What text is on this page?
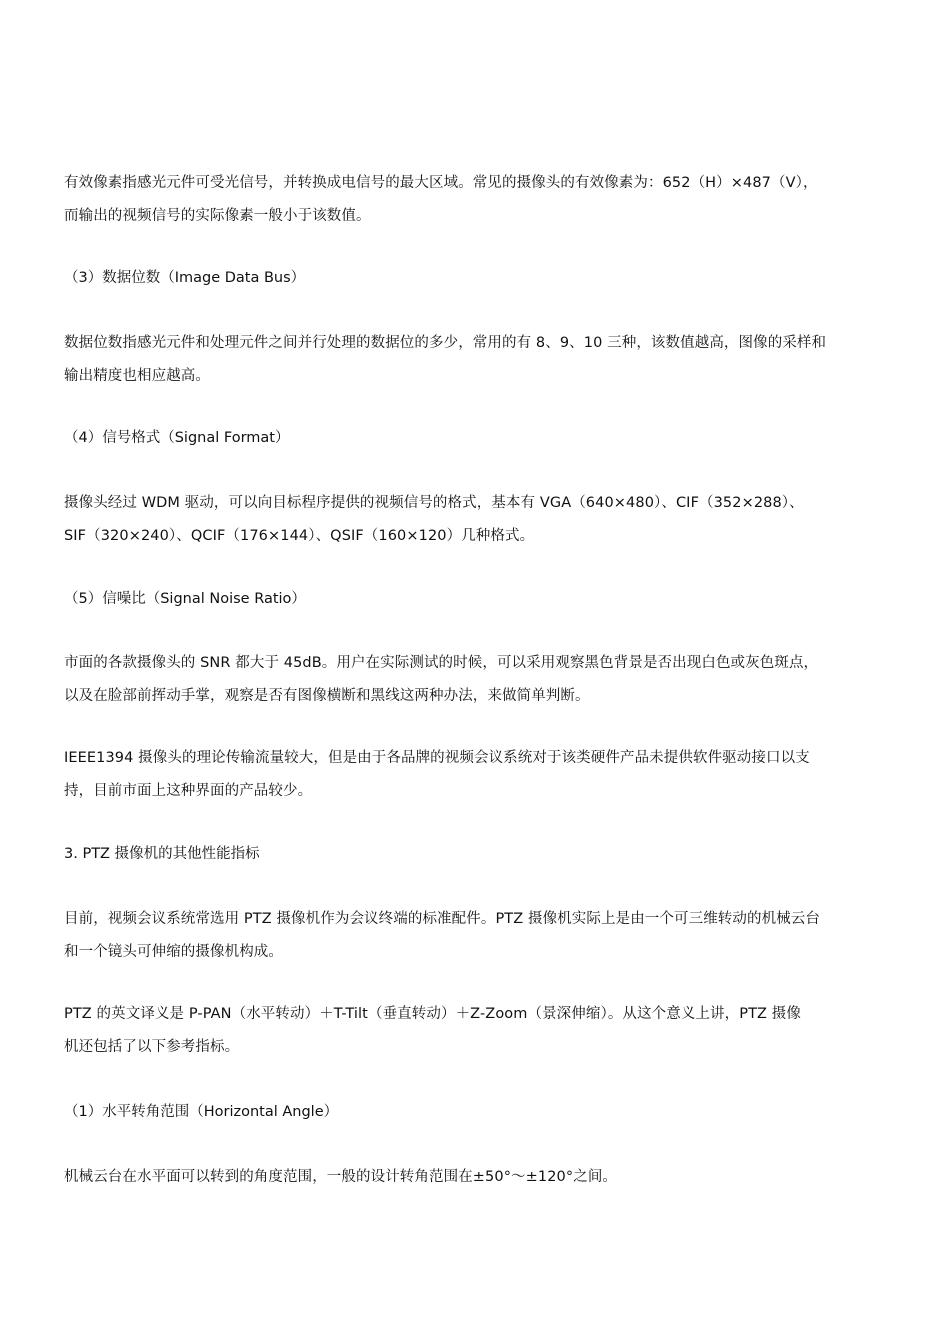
有效像素指感光元件可受光信号，并转换成电信号的最大区域。常见的摄像头的有效像素为：652（H）×487（V），
而输出的视频信号的实际像素一般小于该数值。

（3）数据位数（Image Data Bus）

数据位数指感光元件和处理元件之间并行处理的数据位的多少，常用的有 8、9、10 三种，该数值越高，图像的采样和
输出精度也相应越高。

（4）信号格式（Signal Format）

摄像头经过 WDM 驱动，可以向目标程序提供的视频信号的格式，基本有 VGA（640×480）、CIF（352×288）、
SIF（320×240）、QCIF（176×144）、QSIF（160×120）几种格式。

（5）信噪比（Signal Noise Ratio）

市面的各款摄像头的 SNR 都大于 45dB。用户在实际测试的时候，可以采用观察黑色背景是否出现白色或灰色斑点，
以及在脸部前挥动手掌，观察是否有图像横断和黑线这两种办法，来做简单判断。

IEEE1394 摄像头的理论传输流量较大，但是由于各品牌的视频会议系统对于该类硬件产品未提供软件驱动接口以支
持，目前市面上这种界面的产品较少。

3. PTZ 摄像机的其他性能指标

目前，视频会议系统常选用 PTZ 摄像机作为会议终端的标准配件。PTZ 摄像机实际上是由一个可三维转动的机械云台
和一个镜头可伸缩的摄像机构成。

PTZ 的英文译义是 P-PAN（水平转动）＋T-Tilt（垂直转动）＋Z-Zoom（景深伸缩）。从这个意义上讲，PTZ 摄像
机还包括了以下参考指标。

（1）水平转角范围（Horizontal Angle）

机械云台在水平面可以转到的角度范围，一般的设计转角范围在±50°～±120°之间。
